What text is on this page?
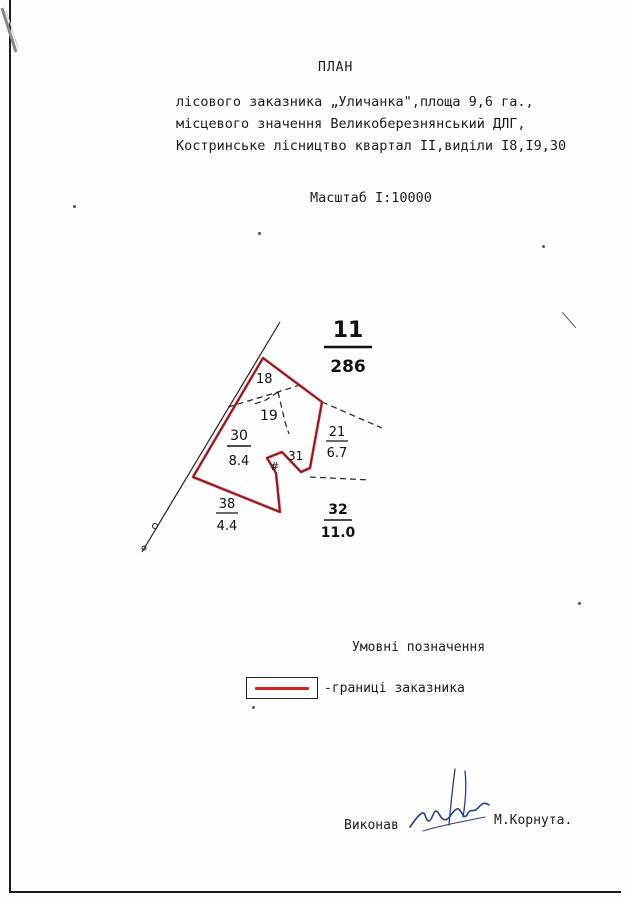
ПЛАН
лісового заказника „Уличанка",площа 9,6 га.,
місцевого значення Великоберезнянський ДЛГ,
Костринське лісництво квартал II,виділи I8,I9,30
Масштаб I:10000
11
286
18
19
30
8.4
21
6.7
31
#
38
4.4
32
11.0
Умовні позначення
-границі заказника
Виконав	М.Корнута.
